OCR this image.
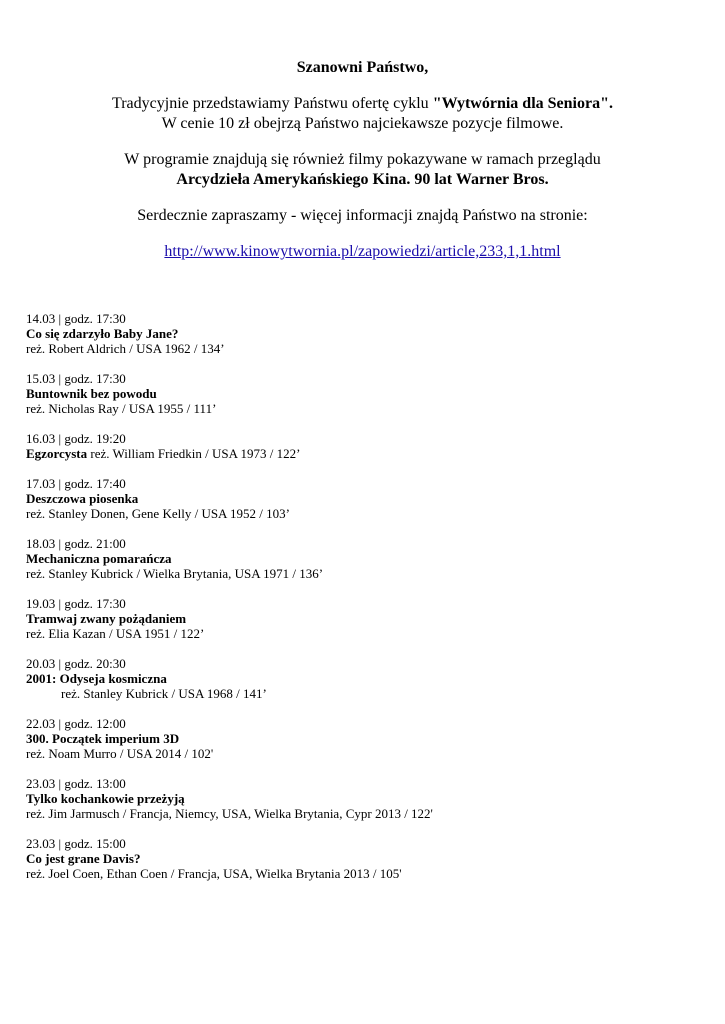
Szanowni Państwo,
Tradycyjnie przedstawiamy Państwu ofertę cyklu "Wytwórnia dla Seniora".
W cenie 10 zł obejrzą Państwo najciekawsze pozycje filmowe.
W programie znajdują się również filmy pokazywane w ramach przeglądu
Arcydzieła Amerykańskiego Kina. 90 lat Warner Bros.
Serdecznie zapraszamy - więcej informacji znajdą Państwo na stronie:
http://www.kinowytwornia.pl/zapowiedzi/article,233,1,1.html
14.03 | godz. 17:30
Co się zdarzyło Baby Jane?
reż. Robert Aldrich / USA 1962 / 134’
15.03 | godz. 17:30
Buntownik bez powodu
reż. Nicholas Ray / USA 1955 / 111’
16.03 | godz. 19:20
Egzorcysta reż. William Friedkin / USA 1973 / 122’
17.03 | godz. 17:40
Deszczowa piosenka
reż. Stanley Donen, Gene Kelly / USA 1952 / 103’
18.03 | godz. 21:00
Mechaniczna pomarańcza
reż. Stanley Kubrick / Wielka Brytania, USA 1971 / 136’
19.03 | godz. 17:30
Tramwaj zwany pożądaniem
reż. Elia Kazan / USA 1951 / 122’
20.03 | godz. 20:30
2001: Odyseja kosmiczna
reż. Stanley Kubrick / USA 1968 / 141’
22.03 | godz. 12:00
300. Początek imperium 3D
reż. Noam Murro / USA 2014 / 102'
23.03 | godz. 13:00
Tylko kochankowie przeżyją
reż. Jim Jarmusch / Francja, Niemcy, USA, Wielka Brytania, Cypr 2013 / 122'
23.03 | godz. 15:00
Co jest grane Davis?
reż. Joel Coen, Ethan Coen / Francja, USA, Wielka Brytania 2013 / 105'
